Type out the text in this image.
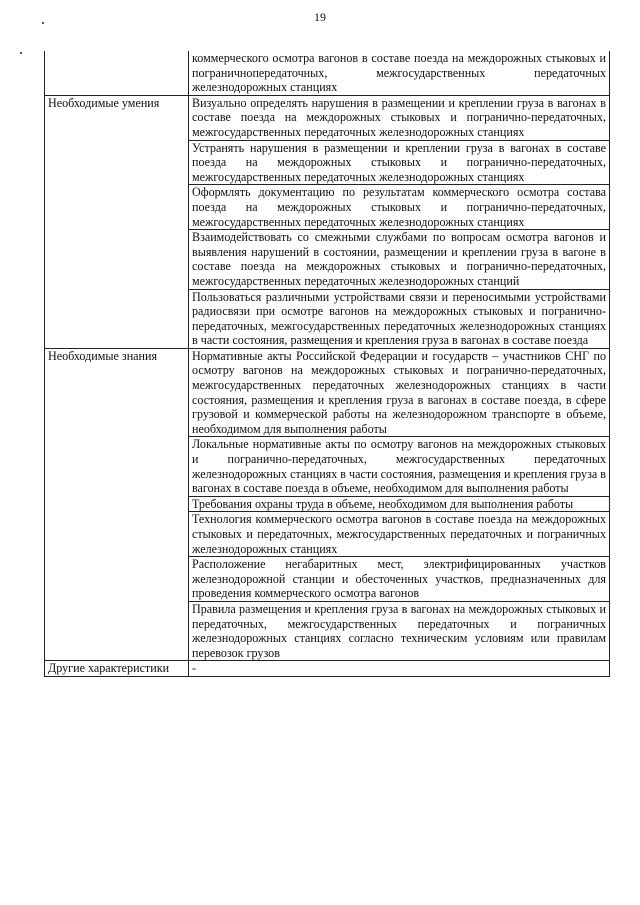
19
	коммерческого осмотра вагонов в составе поезда на междорожных стыковых и пограничнопередаточных, межгосударственных передаточных железнодорожных станциях
Необходимые умения	Визуально определять нарушения в размещении и креплении груза в вагонах в составе поезда на междорожных стыковых и погранично-передаточных, межгосударственных передаточных железнодорожных станциях
	Устранять нарушения в размещении и креплении груза в вагонах в составе поезда на междорожных стыковых и погранично-передаточных, межгосударственных передаточных железнодорожных станциях
	Оформлять документацию по результатам коммерческого осмотра состава поезда на междорожных стыковых и погранично-передаточных, межгосударственных передаточных железнодорожных станциях
	Взаимодействовать со смежными службами по вопросам осмотра вагонов и выявления нарушений в состоянии, размещении и креплении груза в вагоне в составе поезда на междорожных стыковых и погранично-передаточных, межгосударственных передаточных железнодорожных станций
	Пользоваться различными устройствами связи и переносимыми устройствами радиосвязи при осмотре вагонов на междорожных стыковых и погранично-передаточных, межгосударственных передаточных железнодорожных станциях в части состояния, размещения и крепления груза в вагонах в составе поезда
Необходимые знания	Нормативные акты Российской Федерации и государств – участников СНГ по осмотру вагонов на междорожных стыковых и погранично-передаточных, межгосударственных передаточных железнодорожных станциях в части состояния, размещения и крепления груза в вагонах в составе поезда, в сфере грузовой и коммерческой работы на железнодорожном транспорте в объеме, необходимом для выполнения работы
	Локальные нормативные акты по осмотру вагонов на междорожных стыковых и погранично-передаточных, межгосударственных передаточных железнодорожных станциях в части состояния, размещения и крепления груза в вагонах в составе поезда в объеме, необходимом для выполнения работы
	Требования охраны труда в объеме, необходимом для выполнения работы
	Технология коммерческого осмотра вагонов в составе поезда на междорожных стыковых и передаточных, межгосударственных передаточных и пограничных железнодорожных станциях
	Расположение негабаритных мест, электрифицированных участков железнодорожной станции и обесточенных участков, предназначенных для проведения коммерческого осмотра вагонов
	Правила размещения и крепления груза в вагонах на междорожных стыковых и передаточных, межгосударственных передаточных и пограничных железнодорожных станциях согласно техническим условиям или правилам перевозок грузов
Другие характеристики	-
